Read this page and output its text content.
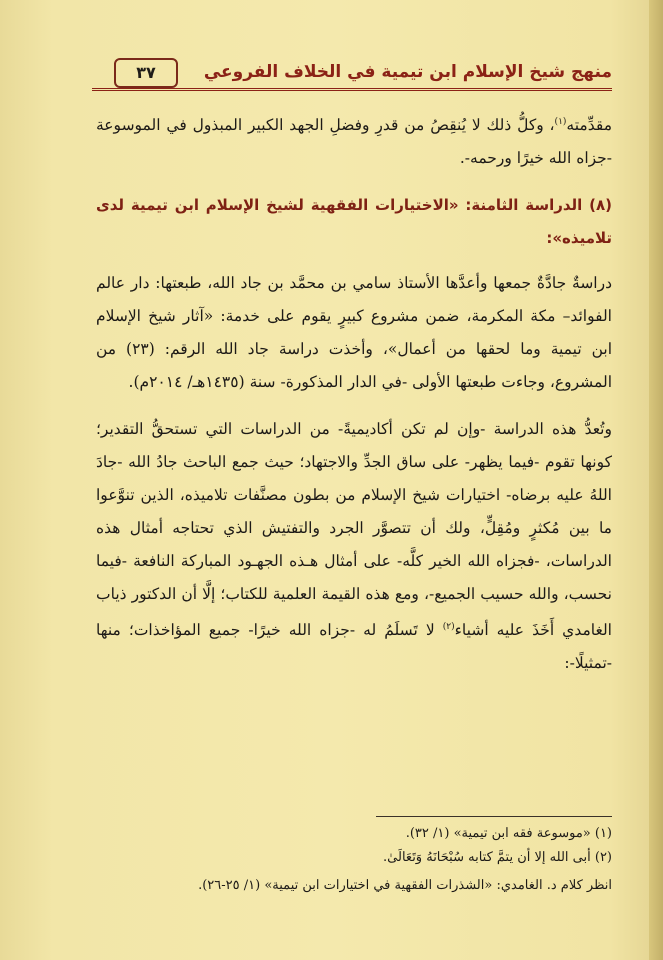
منهج شيخ الإسلام ابن تيمية في الخلاف الفروعي
٣٧

مقدِّمته$^{(١)}$، وكلُّ ذلك لا يُنقِصُ من قدرِ وفضلِ الجهد الكبير المبذول في الموسوعة -جزاه الله خيرًا ورحمه-.

(٨) الدراسة الثامنة: «الاختيارات الفقهية لشيخ الإسلام ابن تيمية لدى تلاميذه»:

دراسةٌ جادَّةٌ جمعها وأعدَّها الأستاذ سامي بن محمَّد بن جاد الله، طبعتها: دار عالم الفوائد– مكة المكرمة، ضمن مشروع كبيرٍ يقوم على خدمة: «آثار شيخ الإسلام ابن تيمية وما لحقها من أعمال»، وأخذت دراسة جاد الله الرقم: (٢٣) من المشروع، وجاءت طبعتها الأولى -في الدار المذكورة- سنة (١٤٣٥هـ/ ٢٠١٤م).

وتُعدُّ هذه الدراسة -وإن لم تكن أكاديميةً- من الدراسات التي تستحقُّ التقدير؛ كونها تقوم -فيما يظهر- على ساق الجدِّ والاجتهاد؛ حيث جمع الباحث جادُ الله -جادَ اللهُ عليه برضاه- اختيارات شيخ الإسلام من بطون مصنَّفات تلاميذه، الذين تنوَّعوا ما بين مُكثرٍ ومُقِلٍّ، ولك أن تتصوَّر الجرد والتفتيش الذي تحتاجه أمثال هذه الدراسات، -فجزاه الله الخير كلَّه- على أمثال هـذه الجهـود المباركة النافعة -فيما نحسب، والله حسيب الجميع-، ومع هذه القيمة العلمية للكتاب؛ إلَّا أن الدكتور ذياب الغامدي أَخَذَ عليه أشياء$^{(٢)}$ لا تَسلَمُ له -جزاه الله خيرًا- جميع المؤاخذات؛ منها -تمثيلًا-:

(١) «موسوعة فقه ابن تيمية» (١/ ٣٢).
(٢) أبى الله إلا أن يتمَّ كتابه سُبْحَانَهُ وَتَعَالَىٰ.
انظر كلام د. الغامدي: «الشذرات الفقهية في اختيارات ابن تيمية» (١/ ٢٥-٢٦).
